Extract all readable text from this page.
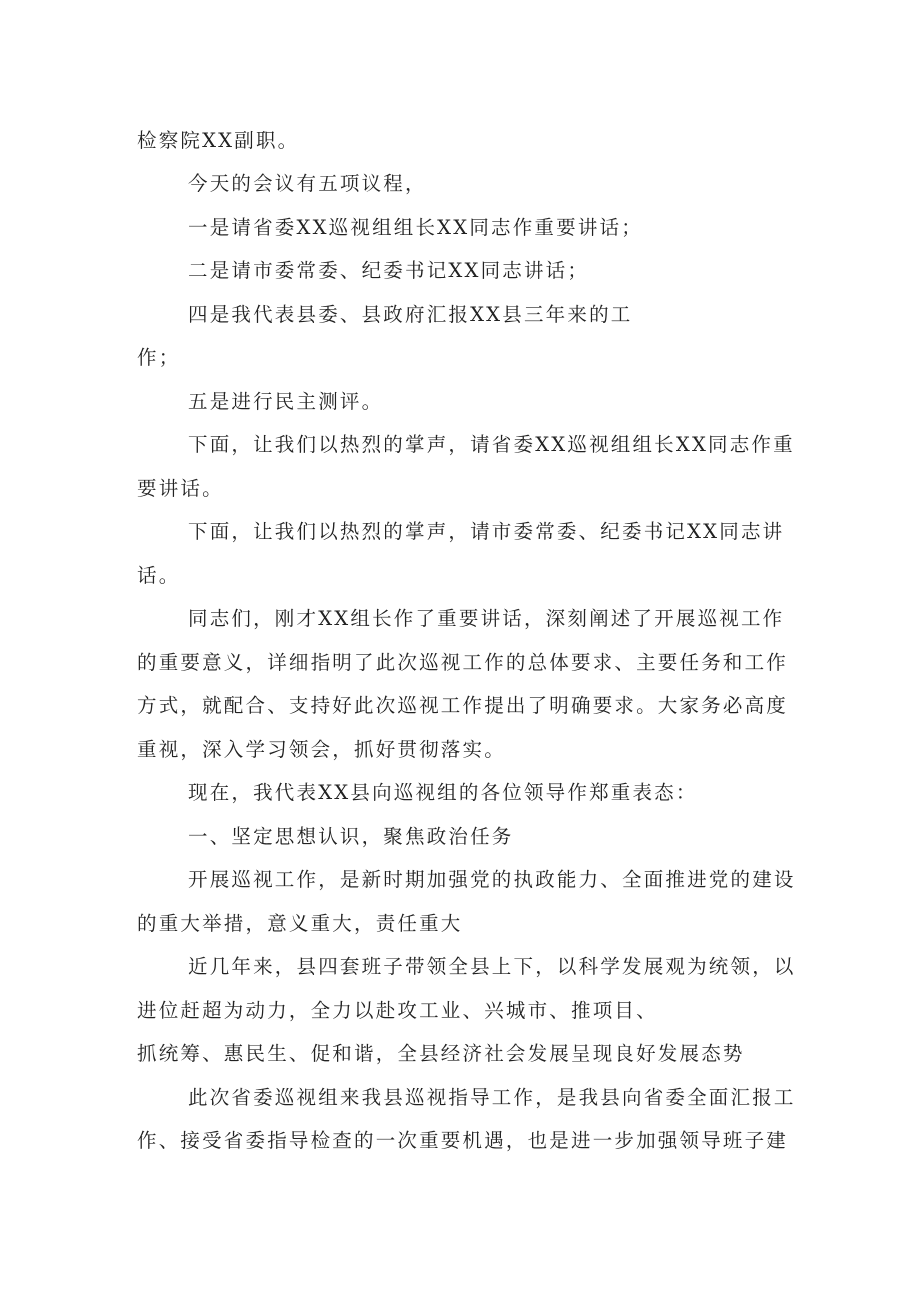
检察院XX副职。
今天的会议有五项议程，
一是请省委XX巡视组组长XX同志作重要讲话；
二是请市委常委、纪委书记XX同志讲话；
四是我代表县委、县政府汇报XX县三年来的工
作；
五是进行民主测评。
下面，让我们以热烈的掌声，请省委XX巡视组组长XX同志作重
要讲话。
下面，让我们以热烈的掌声，请市委常委、纪委书记XX同志讲
话。
同志们，刚才XX组长作了重要讲话，深刻阐述了开展巡视工作
的重要意义，详细指明了此次巡视工作的总体要求、主要任务和工作
方式，就配合、支持好此次巡视工作提出了明确要求。大家务必高度
重视，深入学习领会，抓好贯彻落实。
现在，我代表XX县向巡视组的各位领导作郑重表态：
一、坚定思想认识，聚焦政治任务
开展巡视工作，是新时期加强党的执政能力、全面推进党的建设
的重大举措，意义重大，责任重大
近几年来，县四套班子带领全县上下，以科学发展观为统领，以
进位赶超为动力，全力以赴攻工业、兴城市、推项目、
抓统筹、惠民生、促和谐，全县经济社会发展呈现良好发展态势
此次省委巡视组来我县巡视指导工作，是我县向省委全面汇报工
作、接受省委指导检查的一次重要机遇，也是进一步加强领导班子建
